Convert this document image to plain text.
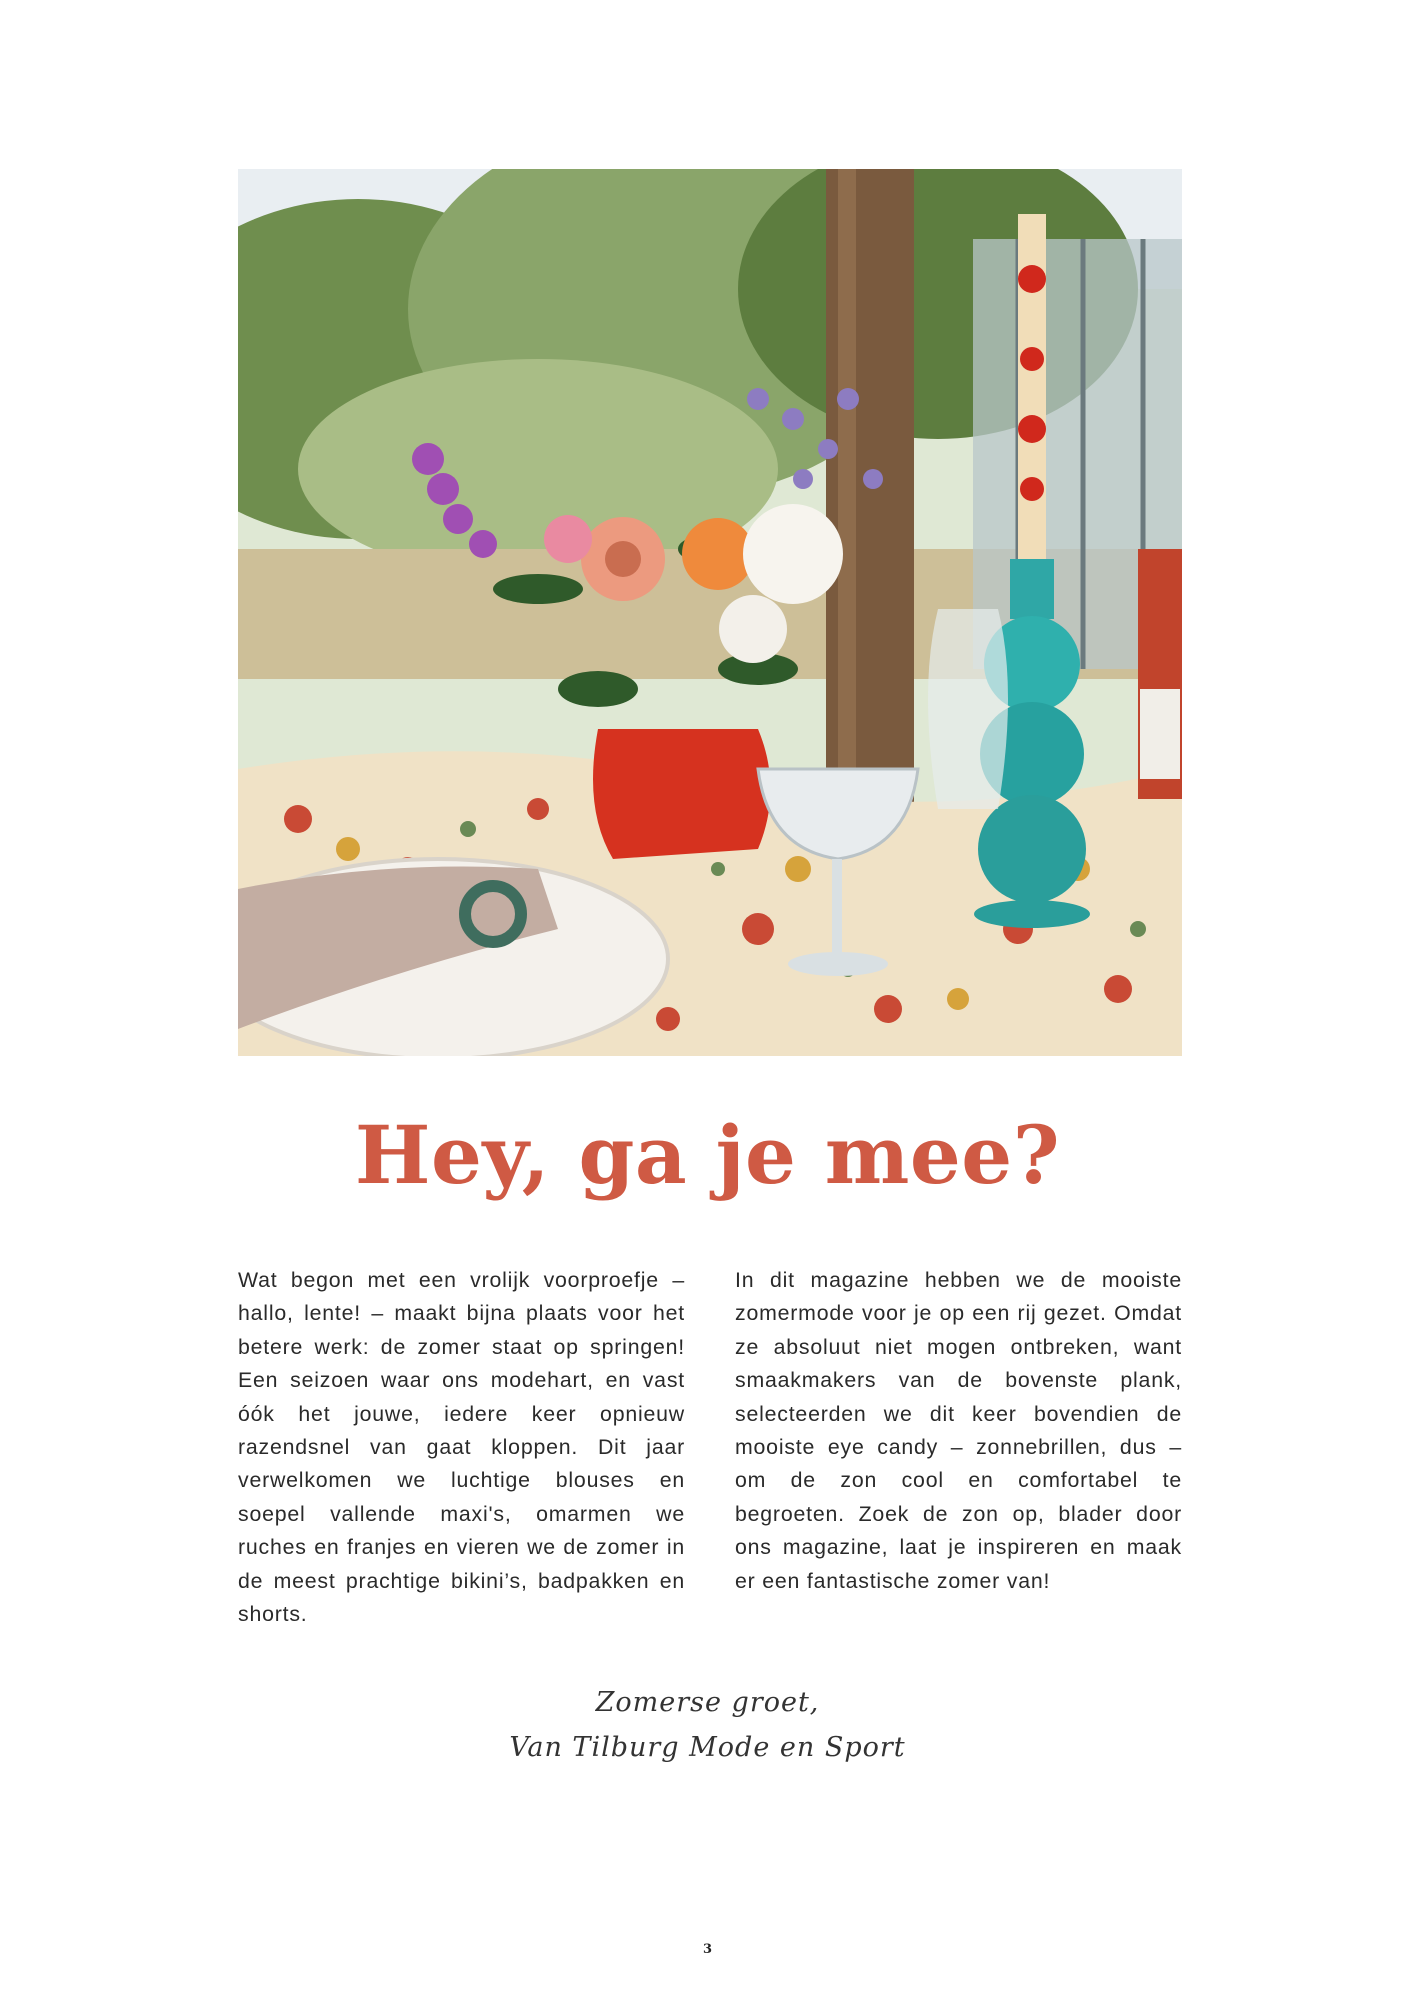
Hey, ga je mee?

Wat begon met een vrolijk voorproefje – hallo, lente! – maakt bijna plaats voor het betere werk: de zomer staat op springen! Een seizoen waar ons modehart, en vast óók het jouwe, iedere keer opnieuw razendsnel van gaat kloppen. Dit jaar verwelkomen we luchtige blouses en soepel vallende maxi's, omarmen we ruches en franjes en vieren we de zomer in de meest prachtige bikini’s, badpakken en shorts.

In dit magazine hebben we de mooiste zomermode voor je op een rij gezet. Omdat ze absoluut niet mogen ontbreken, want smaakmakers van de bovenste plank, selecteerden we dit keer bovendien de mooiste eye candy – zonnebrillen, dus – om de zon cool en comfortabel te begroeten. Zoek de zon op, blader door ons magazine, laat je inspireren en maak er een fantastische zomer van!

Zomerse groet,
Van Tilburg Mode en Sport
3
